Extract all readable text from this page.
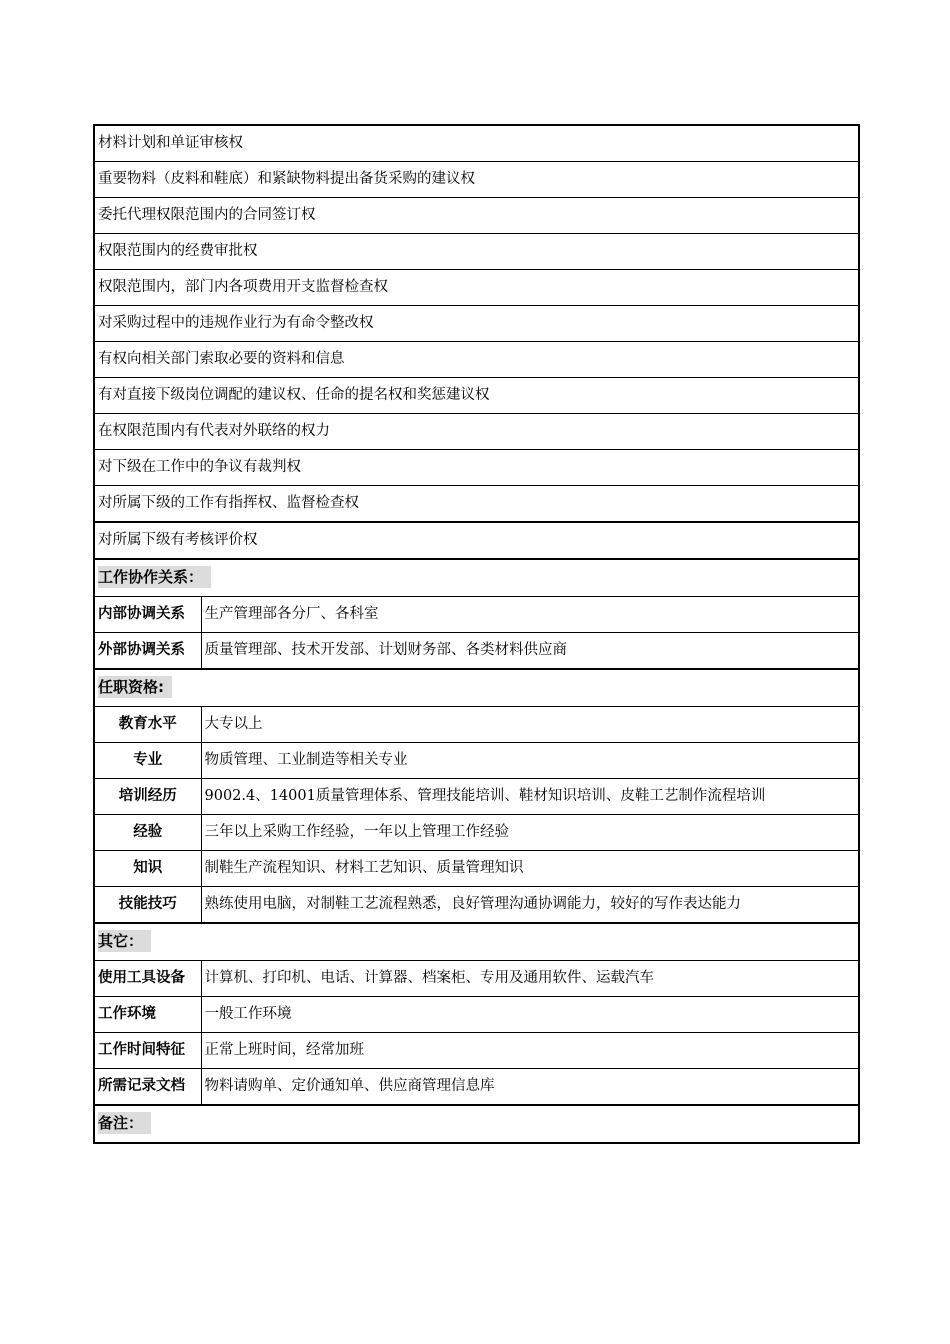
材料计划和单证审核权	
重要物料（皮料和鞋底）和紧缺物料提出备货采购的建议权	
委托代理权限范围内的合同签订权	
权限范围内的经费审批权	
权限范围内，部门内各项费用开支监督检查权	
对采购过程中的违规作业行为有命令整改权	
有权向相关部门索取必要的资料和信息	
有对直接下级岗位调配的建议权、任命的提名权和奖惩建议权	
在权限范围内有代表对外联络的权力	
对下级在工作中的争议有裁判权	
对所属下级的工作有指挥权、监督检查权	
对所属下级有考核评价权	
工作协作关系：	
内部协调关系	生产管理部各分厂、各科室
外部协调关系	质量管理部、技术开发部、计划财务部、各类材料供应商
任职资格:	
教育水平	大专以上
专业	物质管理、工业制造等相关专业
培训经历	9002.4、14001质量管理体系、管理技能培训、鞋材知识培训、皮鞋工艺制作流程培训
经验	三年以上采购工作经验，一年以上管理工作经验
知识	制鞋生产流程知识、材料工艺知识、质量管理知识
技能技巧	熟练使用电脑，对制鞋工艺流程熟悉，良好管理沟通协调能力，较好的写作表达能力
其它：	
使用工具设备	计算机、打印机、电话、计算器、档案柜、专用及通用软件、运载汽车
工作环境	一般工作环境
工作时间特征	正常上班时间，经常加班
所需记录文档	物料请购单、定价通知单、供应商管理信息库
备注：	
